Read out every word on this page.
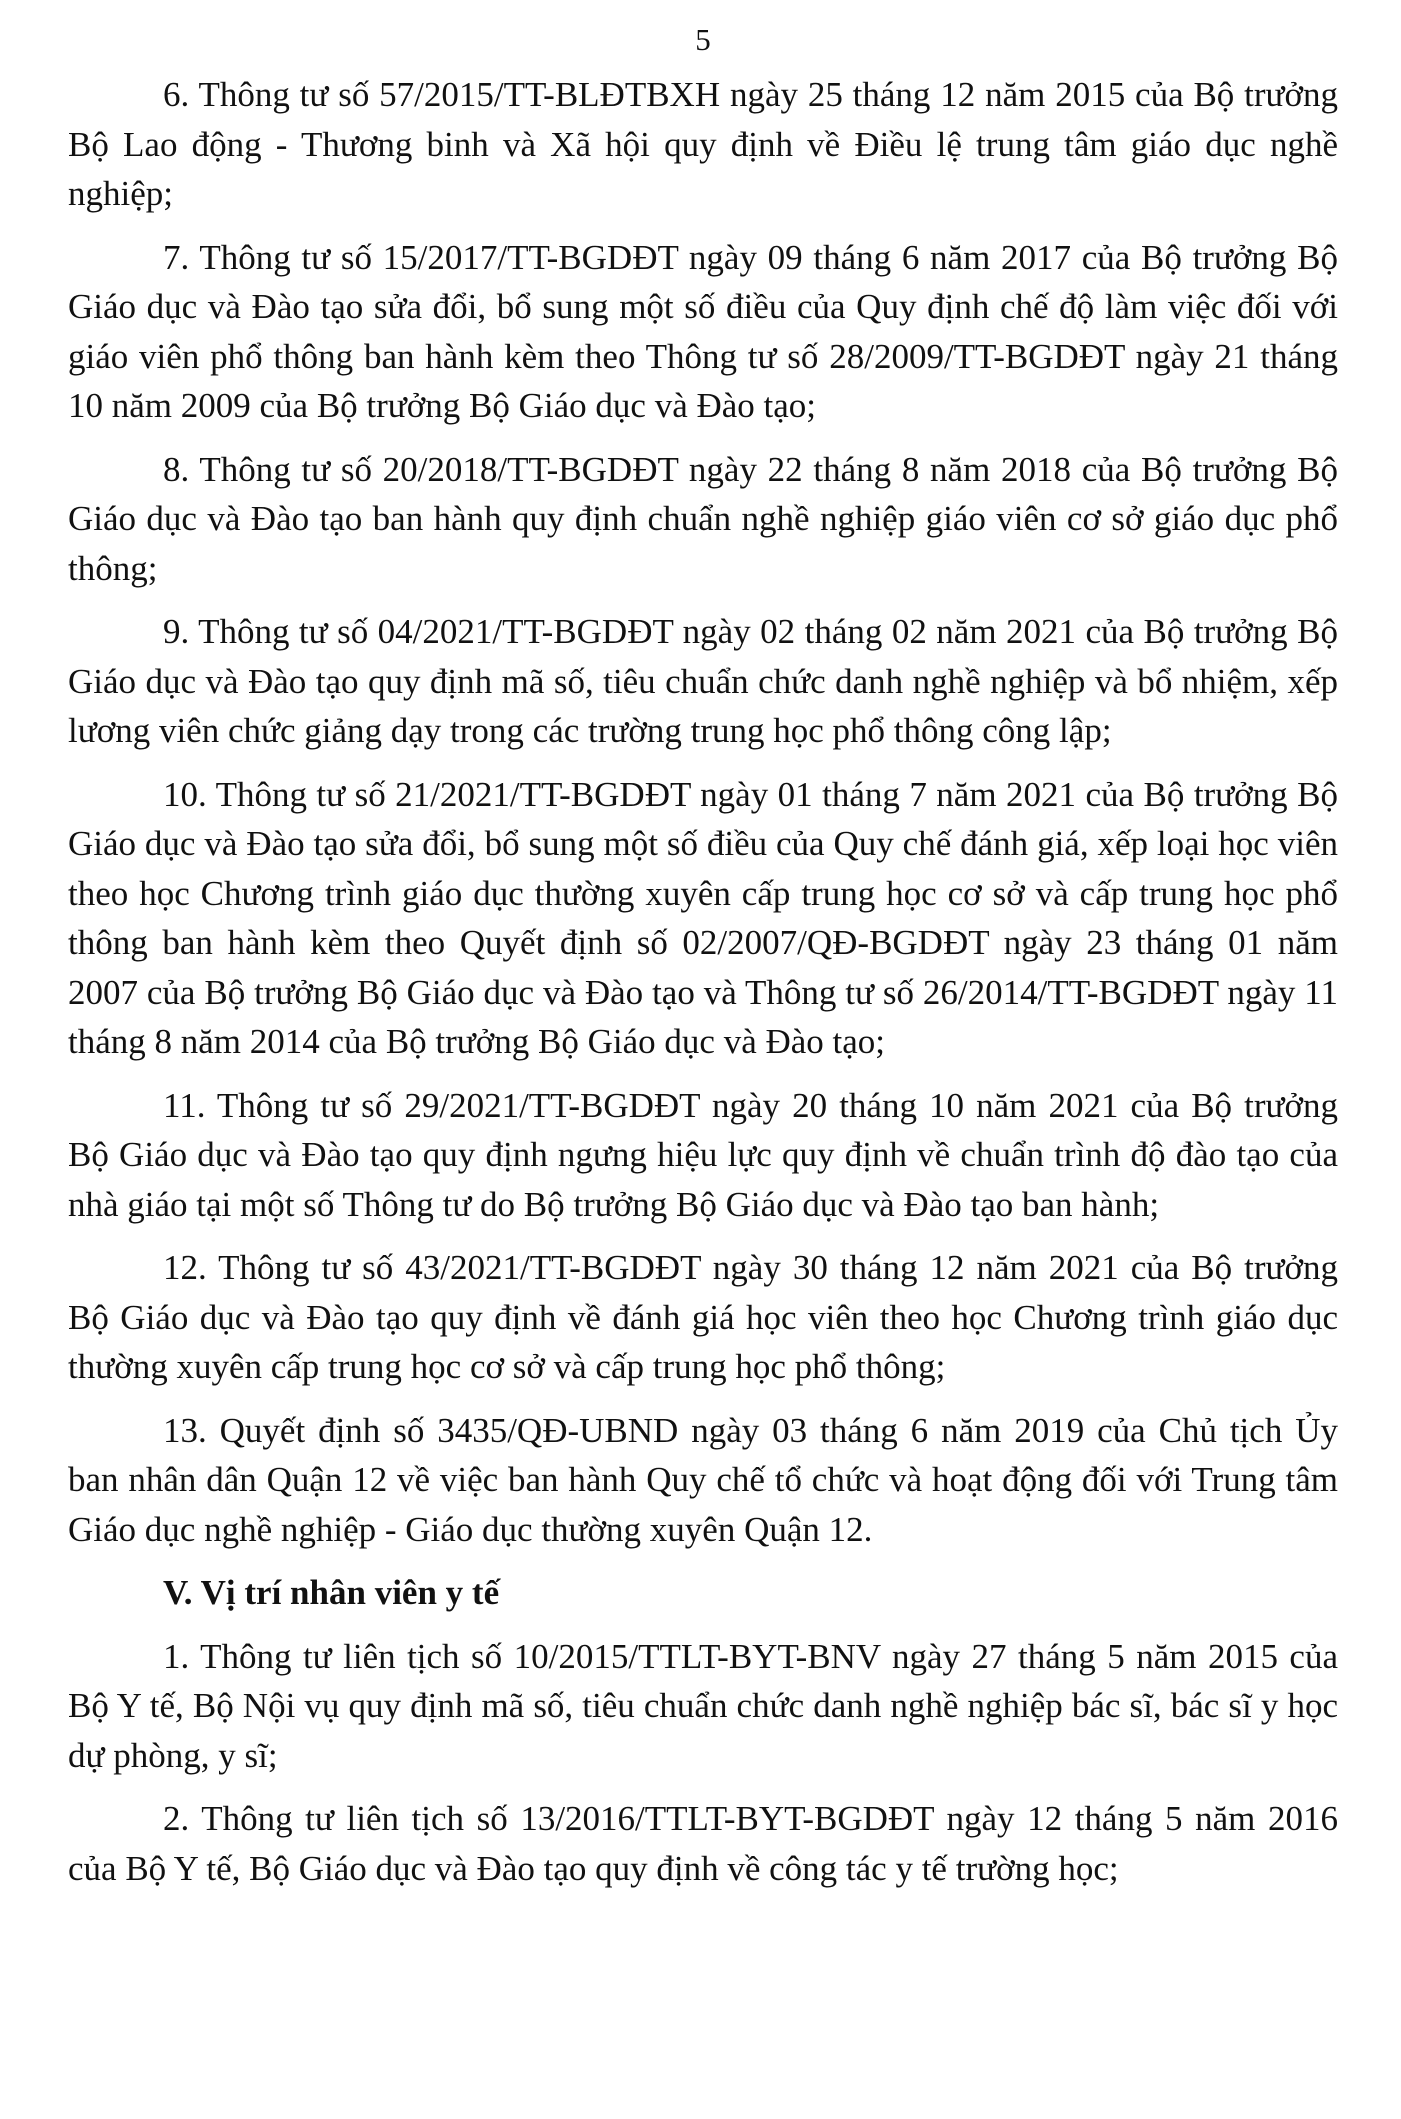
5

6. Thông tư số 57/2015/TT-BLĐTBXH ngày 25 tháng 12 năm 2015 của Bộ trưởng Bộ Lao động - Thương binh và Xã hội quy định về Điều lệ trung tâm giáo dục nghề nghiệp;

7. Thông tư số 15/2017/TT-BGDĐT ngày 09 tháng 6 năm 2017 của Bộ trưởng Bộ Giáo dục và Đào tạo sửa đổi, bổ sung một số điều của Quy định chế độ làm việc đối với giáo viên phổ thông ban hành kèm theo Thông tư số 28/2009/TT-BGDĐT ngày 21 tháng 10 năm 2009 của Bộ trưởng Bộ Giáo dục và Đào tạo;

8. Thông tư số 20/2018/TT-BGDĐT ngày 22 tháng 8 năm 2018 của Bộ trưởng Bộ Giáo dục và Đào tạo ban hành quy định chuẩn nghề nghiệp giáo viên cơ sở giáo dục phổ thông;

9. Thông tư số 04/2021/TT-BGDĐT ngày 02 tháng 02 năm 2021 của Bộ trưởng Bộ Giáo dục và Đào tạo quy định mã số, tiêu chuẩn chức danh nghề nghiệp và bổ nhiệm, xếp lương viên chức giảng dạy trong các trường trung học phổ thông công lập;

10. Thông tư số 21/2021/TT-BGDĐT ngày 01 tháng 7 năm 2021 của Bộ trưởng Bộ Giáo dục và Đào tạo sửa đổi, bổ sung một số điều của Quy chế đánh giá, xếp loại học viên theo học Chương trình giáo dục thường xuyên cấp trung học cơ sở và cấp trung học phổ thông ban hành kèm theo Quyết định số 02/2007/QĐ-BGDĐT ngày 23 tháng 01 năm 2007 của Bộ trưởng Bộ Giáo dục và Đào tạo và Thông tư số 26/2014/TT-BGDĐT ngày 11 tháng 8 năm 2014 của Bộ trưởng Bộ Giáo dục và Đào tạo;

11. Thông tư số 29/2021/TT-BGDĐT ngày 20 tháng 10 năm 2021 của Bộ trưởng Bộ Giáo dục và Đào tạo quy định ngưng hiệu lực quy định về chuẩn trình độ đào tạo của nhà giáo tại một số Thông tư do Bộ trưởng Bộ Giáo dục và Đào tạo ban hành;

12. Thông tư số 43/2021/TT-BGDĐT ngày 30 tháng 12 năm 2021 của Bộ trưởng Bộ Giáo dục và Đào tạo quy định về đánh giá học viên theo học Chương trình giáo dục thường xuyên cấp trung học cơ sở và cấp trung học phổ thông;

13. Quyết định số 3435/QĐ-UBND ngày 03 tháng 6 năm 2019 của Chủ tịch Ủy ban nhân dân Quận 12 về việc ban hành Quy chế tổ chức và hoạt động đối với Trung tâm Giáo dục nghề nghiệp - Giáo dục thường xuyên Quận 12.

V. Vị trí nhân viên y tế

1. Thông tư liên tịch số 10/2015/TTLT-BYT-BNV ngày 27 tháng 5 năm 2015 của Bộ Y tế, Bộ Nội vụ quy định mã số, tiêu chuẩn chức danh nghề nghiệp bác sĩ, bác sĩ y học dự phòng, y sĩ;

2. Thông tư liên tịch số 13/2016/TTLT-BYT-BGDĐT ngày 12 tháng 5 năm 2016 của Bộ Y tế, Bộ Giáo dục và Đào tạo quy định về công tác y tế trường học;
